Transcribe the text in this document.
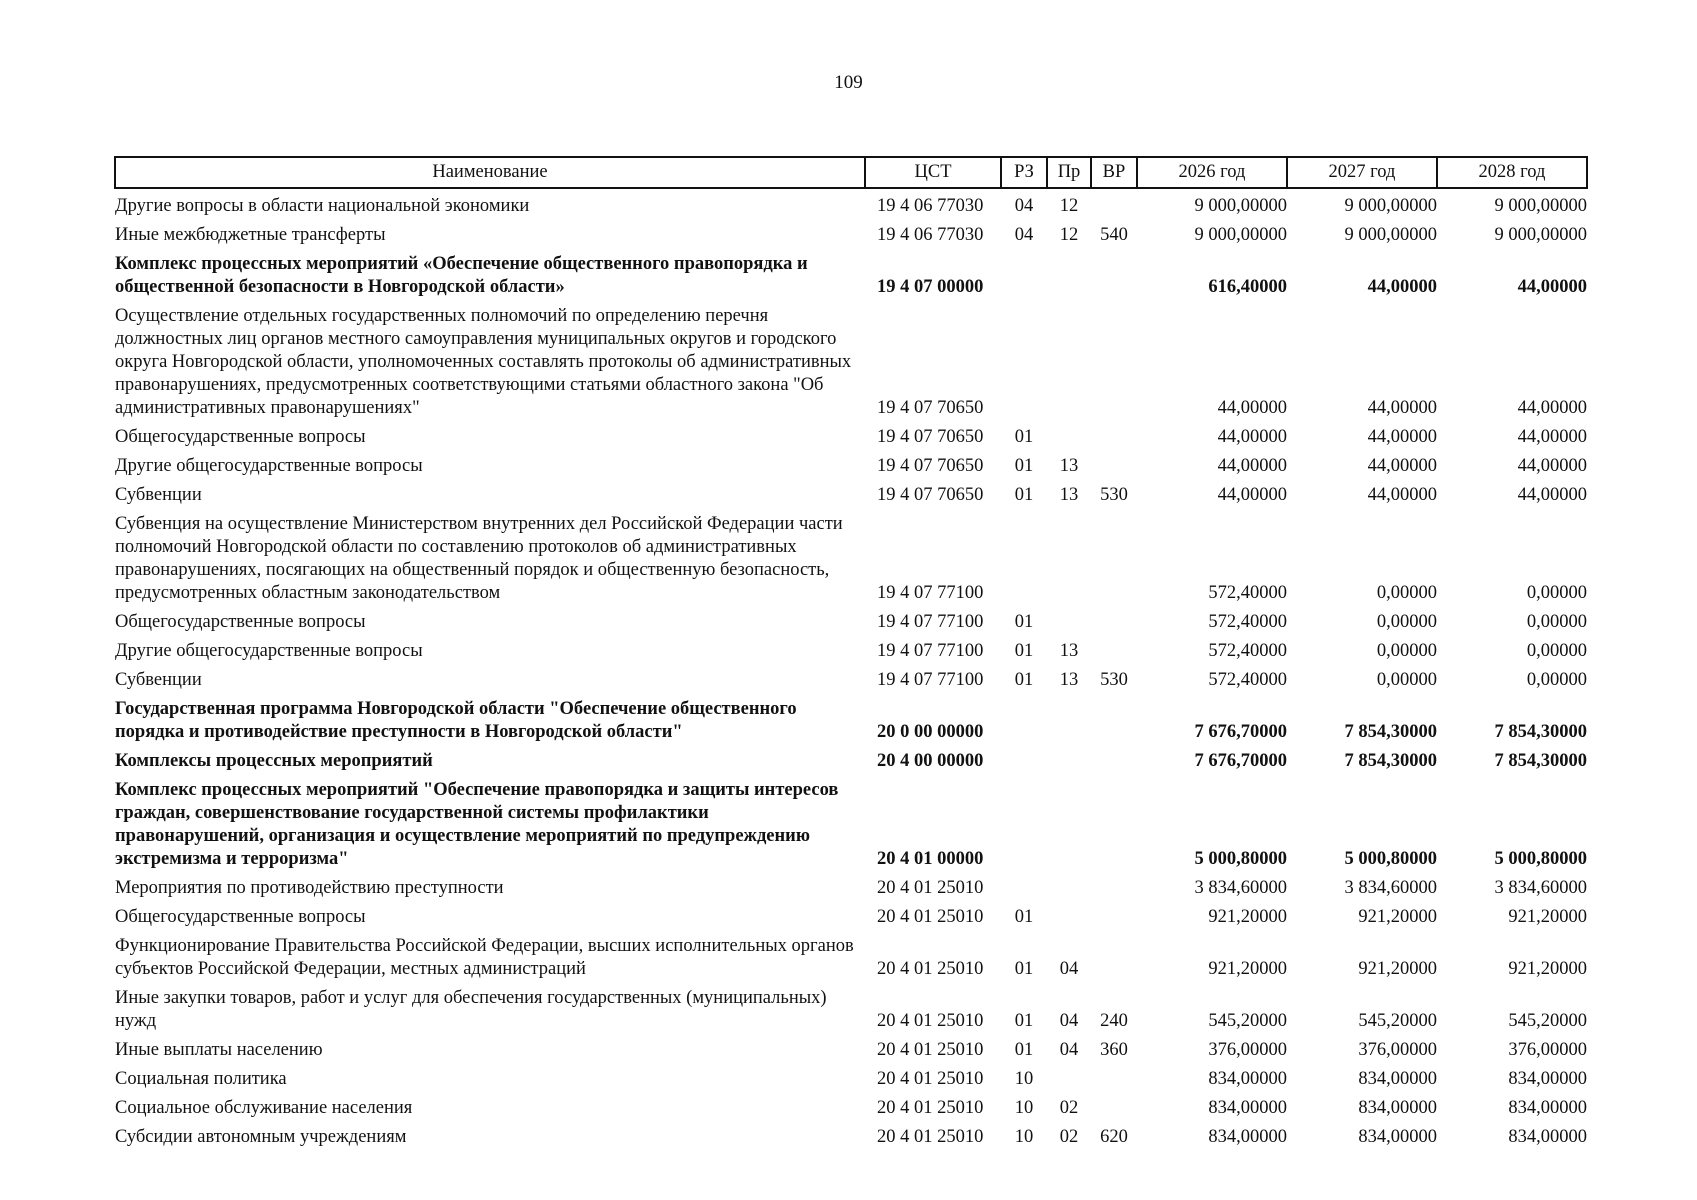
109
Наименование	ЦСТ	РЗ	Пр	ВР	2026 год	2027 год	2028 год
Другие вопросы в области национальной экономики	19 4 06 77030	04	12		9 000,00000	9 000,00000	9 000,00000
Иные межбюджетные трансферты	19 4 06 77030	04	12	540	9 000,00000	9 000,00000	9 000,00000
Комплекс процессных мероприятий «Обеспечение общественного правопорядка и общественной безопасности в Новгородской области»	19 4 07 00000				616,40000	44,00000	44,00000
Осуществление отдельных государственных полномочий по определению перечня должностных лиц органов местного самоуправления муниципальных округов и городского округа Новгородской области, уполномоченных составлять протоколы об административных правонарушениях, предусмотренных соответствующими статьями областного закона "Об административных правонарушениях"	19 4 07 70650				44,00000	44,00000	44,00000
Общегосударственные вопросы	19 4 07 70650	01			44,00000	44,00000	44,00000
Другие общегосударственные вопросы	19 4 07 70650	01	13		44,00000	44,00000	44,00000
Субвенции	19 4 07 70650	01	13	530	44,00000	44,00000	44,00000
Субвенция на осуществление Министерством внутренних дел Российской Федерации части полномочий Новгородской области по составлению протоколов об административных правонарушениях, посягающих на общественный порядок и общественную безопасность, предусмотренных областным законодательством	19 4 07 77100				572,40000	0,00000	0,00000
Общегосударственные вопросы	19 4 07 77100	01			572,40000	0,00000	0,00000
Другие общегосударственные вопросы	19 4 07 77100	01	13		572,40000	0,00000	0,00000
Субвенции	19 4 07 77100	01	13	530	572,40000	0,00000	0,00000
Государственная программа Новгородской области "Обеспечение общественного порядка и противодействие преступности в Новгородской области"	20 0 00 00000				7 676,70000	7 854,30000	7 854,30000
Комплексы процессных мероприятий	20 4 00 00000				7 676,70000	7 854,30000	7 854,30000
Комплекс процессных мероприятий "Обеспечение правопорядка и защиты интересов граждан, совершенствование государственной системы профилактики правонарушений, организация и осуществление мероприятий по предупреждению экстремизма и терроризма"	20 4 01 00000				5 000,80000	5 000,80000	5 000,80000
Мероприятия по противодействию преступности	20 4 01 25010				3 834,60000	3 834,60000	3 834,60000
Общегосударственные вопросы	20 4 01 25010	01			921,20000	921,20000	921,20000
Функционирование Правительства Российской Федерации, высших исполнительных органов субъектов Российской Федерации, местных администраций	20 4 01 25010	01	04		921,20000	921,20000	921,20000
Иные закупки товаров, работ и услуг для обеспечения государственных (муниципальных) нужд	20 4 01 25010	01	04	240	545,20000	545,20000	545,20000
Иные выплаты населению	20 4 01 25010	01	04	360	376,00000	376,00000	376,00000
Социальная политика	20 4 01 25010	10			834,00000	834,00000	834,00000
Социальное обслуживание населения	20 4 01 25010	10	02		834,00000	834,00000	834,00000
Субсидии автономным учреждениям	20 4 01 25010	10	02	620	834,00000	834,00000	834,00000
